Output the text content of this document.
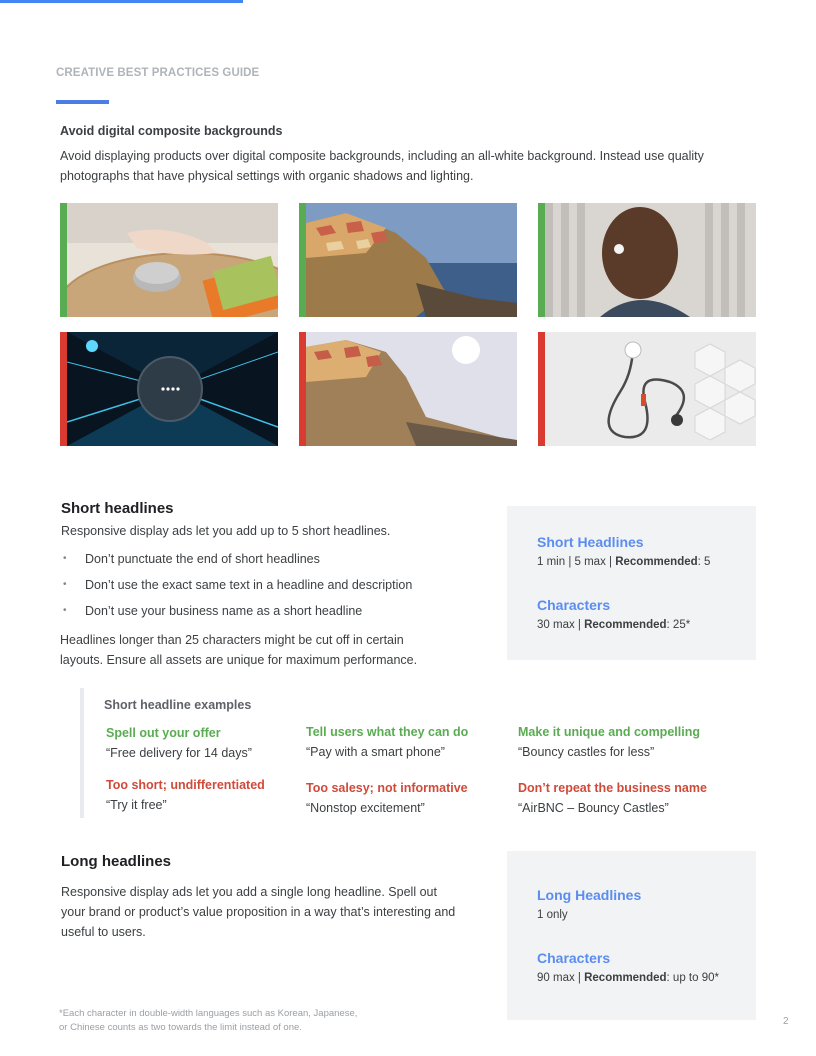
CREATIVE BEST PRACTICES GUIDE
Avoid digital composite backgrounds
Avoid displaying products over digital composite backgrounds, including an all-white background. Instead use quality photographs that have physical settings with organic shadows and lighting.
Short headlines
Responsive display ads let you add up to 5 short headlines.
• Don’t punctuate the end of short headlines
• Don’t use the exact same text in a headline and description
• Don’t use your business name as a short headline
Headlines longer than 25 characters might be cut off in certain
layouts. Ensure all assets are unique for maximum performance.
Short Headlines
1 min | 5 max | Recommended: 5
Characters
30 max | Recommended: 25*
Short headline examples
Spell out your offer
“Free delivery for 14 days”
Tell users what they can do
“Pay with a smart phone”
Make it unique and compelling
“Bouncy castles for less”
Too short; undifferentiated
“Try it free”
Too salesy; not informative
“Nonstop excitement”
Don’t repeat the business name
“AirBNC – Bouncy Castles”
Long headlines
Responsive display ads let you add a single long headline. Spell out
your brand or product’s value proposition in a way that’s interesting and
useful to users.
Long Headlines
1 only
Characters
90 max | Recommended: up to 90*
*Each character in double-width languages such as Korean, Japanese,
or Chinese counts as two towards the limit instead of one.
2
